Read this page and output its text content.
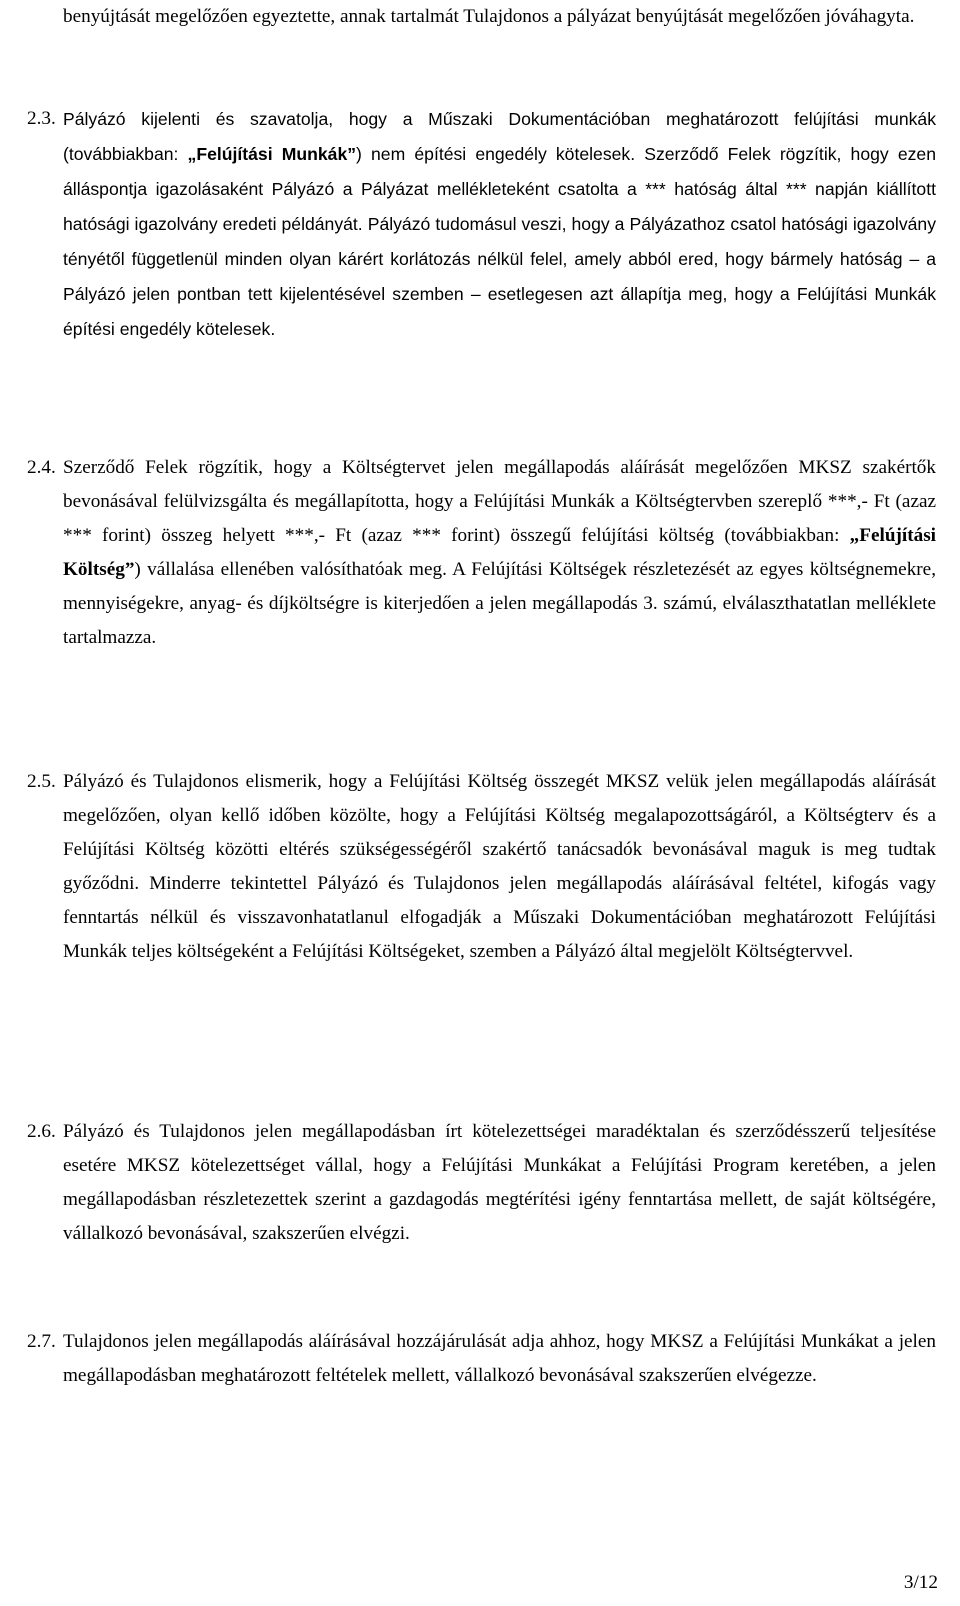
benyújtását megelőzően egyeztette, annak tartalmát Tulajdonos a pályázat benyújtását megelőzően jóváhagyta.
2.3. Pályázó kijelenti és szavatolja, hogy a Műszaki Dokumentációban meghatározott felújítási munkák (továbbiakban: „Felújítási Munkák”) nem építési engedély kötelesek. Szerződő Felek rögzítik, hogy ezen álláspontja igazolásaként Pályázó a Pályázat mellékleteként csatolta a *** hatóság által *** napján kiállított hatósági igazolvány eredeti példányát. Pályázó tudomásul veszi, hogy a Pályázathoz csatol hatósági igazolvány tényétől függetlenül minden olyan kárért korlátozás nélkül felel, amely abból ered, hogy bármely hatóság – a Pályázó jelen pontban tett kijelentésével szemben – esetlegesen azt állapítja meg, hogy a Felújítási Munkák építési engedély kötelesek.
2.4. Szerződő Felek rögzítik, hogy a Költségtervet jelen megállapodás aláírását megelőzően MKSZ szakértők bevonásával felülvizsgálta és megállapította, hogy a Felújítási Munkák a Költségtervben szereplő ***,- Ft (azaz *** forint) összeg helyett ***,- Ft (azaz *** forint) összegű felújítási költség (továbbiakban: „Felújítási Költség”) vállalása ellenében valósíthatóak meg. A Felújítási Költségek részletezését az egyes költségnemekre, mennyiségekre, anyag- és díjköltségre is kiterjedően a jelen megállapodás 3. számú, elválaszthatatlan melléklete tartalmazza.
2.5. Pályázó és Tulajdonos elismerik, hogy a Felújítási Költség összegét MKSZ velük jelen megállapodás aláírását megelőzően, olyan kellő időben közölte, hogy a Felújítási Költség megalapozottságáról, a Költségterv és a Felújítási Költség közötti eltérés szükségességéről szakértő tanácsadók bevonásával maguk is meg tudtak győződni. Minderre tekintettel Pályázó és Tulajdonos jelen megállapodás aláírásával feltétel, kifogás vagy fenntartás nélkül és visszavonhatatlanul elfogadják a Műszaki Dokumentációban meghatározott Felújítási Munkák teljes költségeként a Felújítási Költségeket, szemben a Pályázó által megjelölt Költségtervvel.
2.6. Pályázó és Tulajdonos jelen megállapodásban írt kötelezettségei maradéktalan és szerződésszerű teljesítése esetére MKSZ kötelezettséget vállal, hogy a Felújítási Munkákat a Felújítási Program keretében, a jelen megállapodásban részletezettek szerint a gazdagodás megtérítési igény fenntartása mellett, de saját költségére, vállalkozó bevonásával, szakszerűen elvégzi.
2.7. Tulajdonos jelen megállapodás aláírásával hozzájárulását adja ahhoz, hogy MKSZ a Felújítási Munkákat a jelen megállapodásban meghatározott feltételek mellett, vállalkozó bevonásával szakszerűen elvégezze.
3/12
